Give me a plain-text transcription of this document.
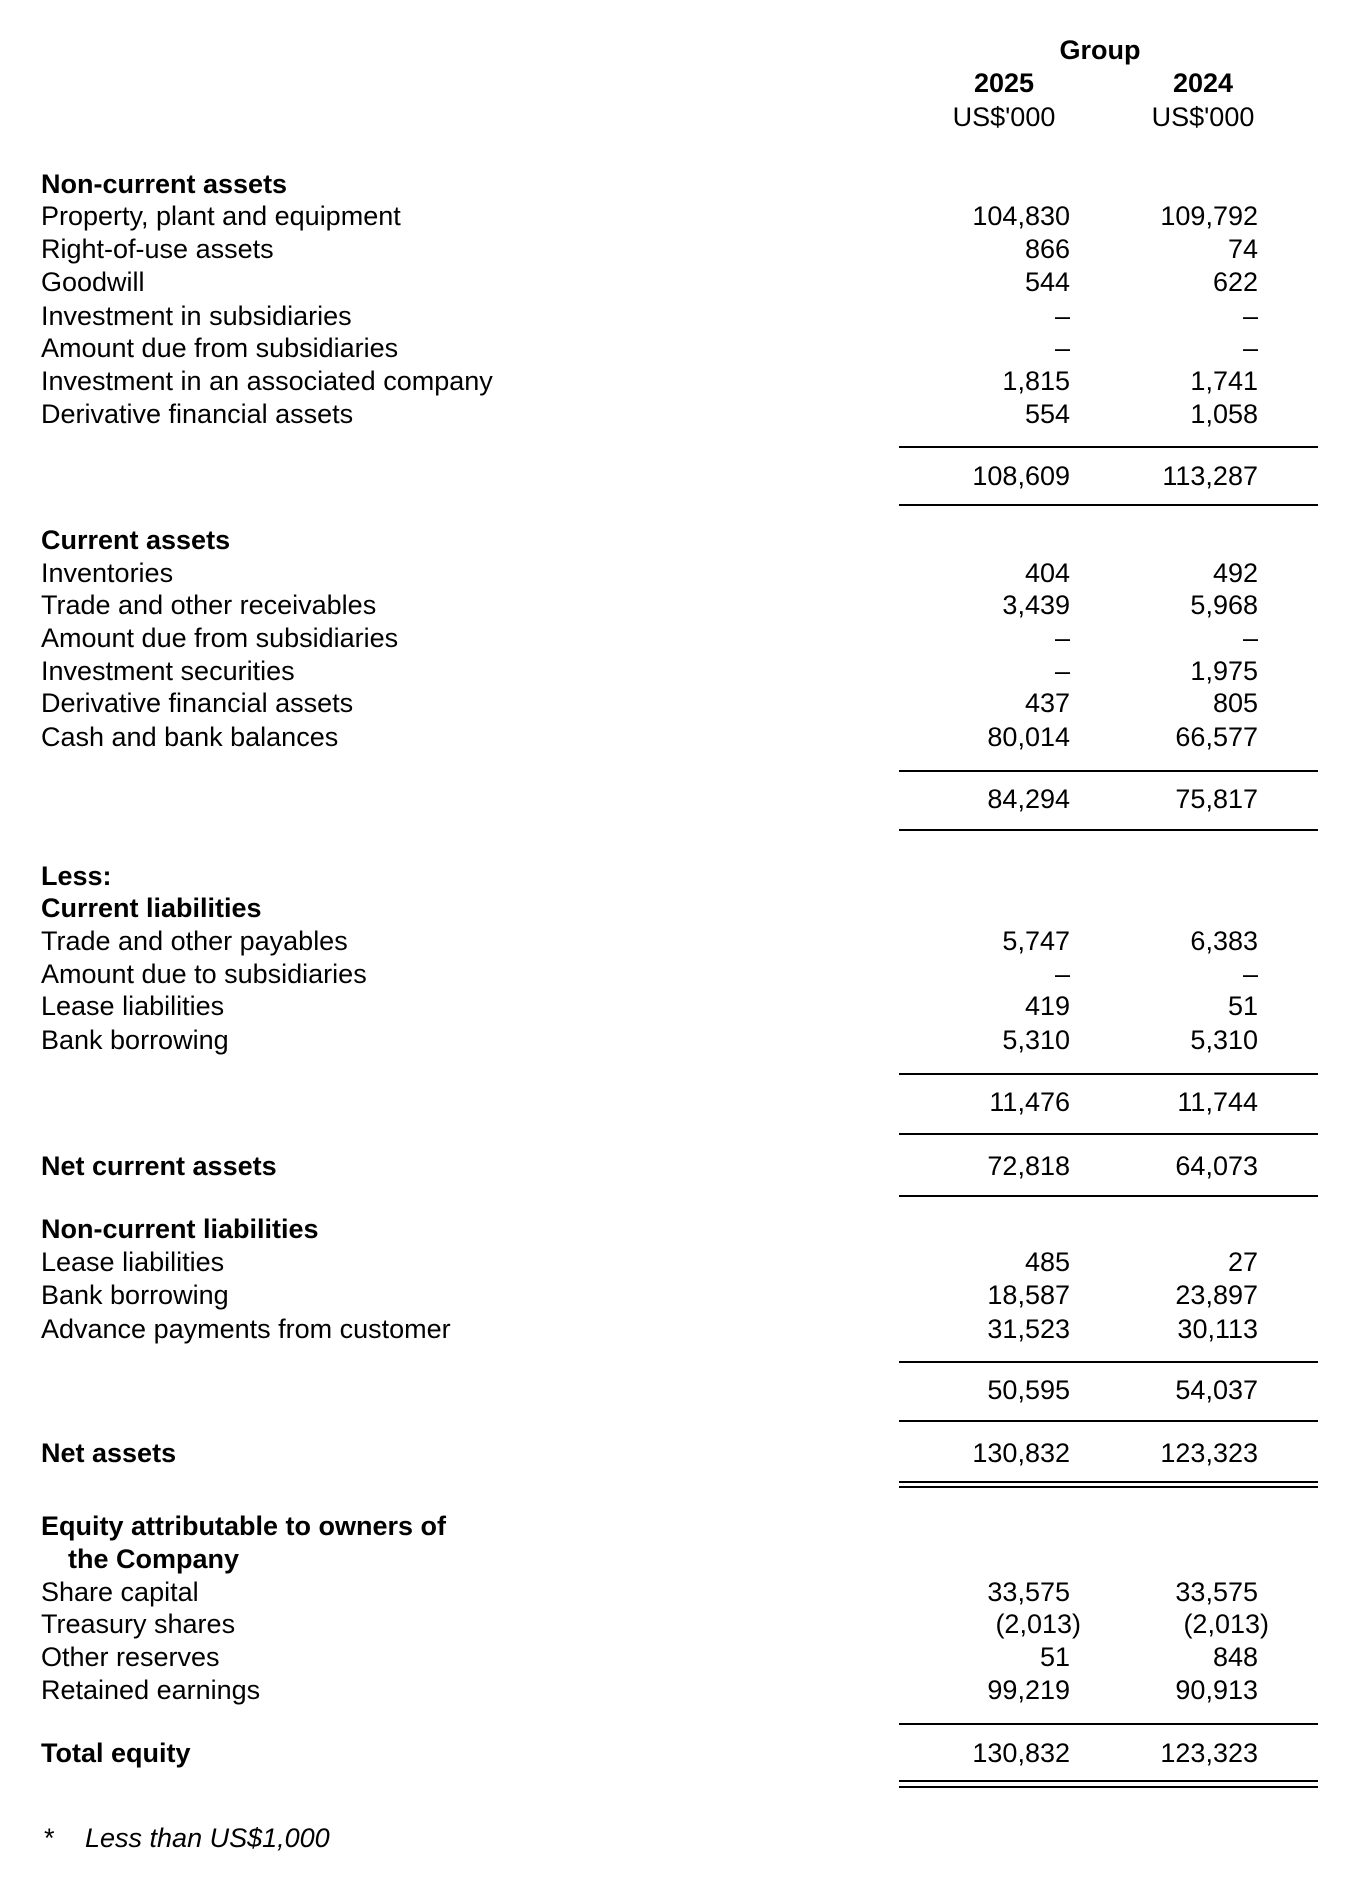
Group
2025	2024
US$'000	US$'000
Non-current assets
Property, plant and equipment	104,830	109,792
Right-of-use assets	866	74
Goodwill	544	622
Investment in subsidiaries	–	–
Amount due from subsidiaries	–	–
Investment in an associated company	1,815	1,741
Derivative financial assets	554	1,058
108,609	113,287
Current assets
Inventories	404	492
Trade and other receivables	3,439	5,968
Amount due from subsidiaries	–	–
Investment securities	–	1,975
Derivative financial assets	437	805
Cash and bank balances	80,014	66,577
84,294	75,817
Less:
Current liabilities
Trade and other payables	5,747	6,383
Amount due to subsidiaries	–	–
Lease liabilities	419	51
Bank borrowing	5,310	5,310
11,476	11,744
Net current assets	72,818	64,073
Non-current liabilities
Lease liabilities	485	27
Bank borrowing	18,587	23,897
Advance payments from customer	31,523	30,113
50,595	54,037
Net assets	130,832	123,323
Equity attributable to owners of
the Company
Share capital	33,575	33,575
Treasury shares	(2,013)	(2,013)
Other reserves	51	848
Retained earnings	99,219	90,913
Total equity	130,832	123,323
* Less than US$1,000
